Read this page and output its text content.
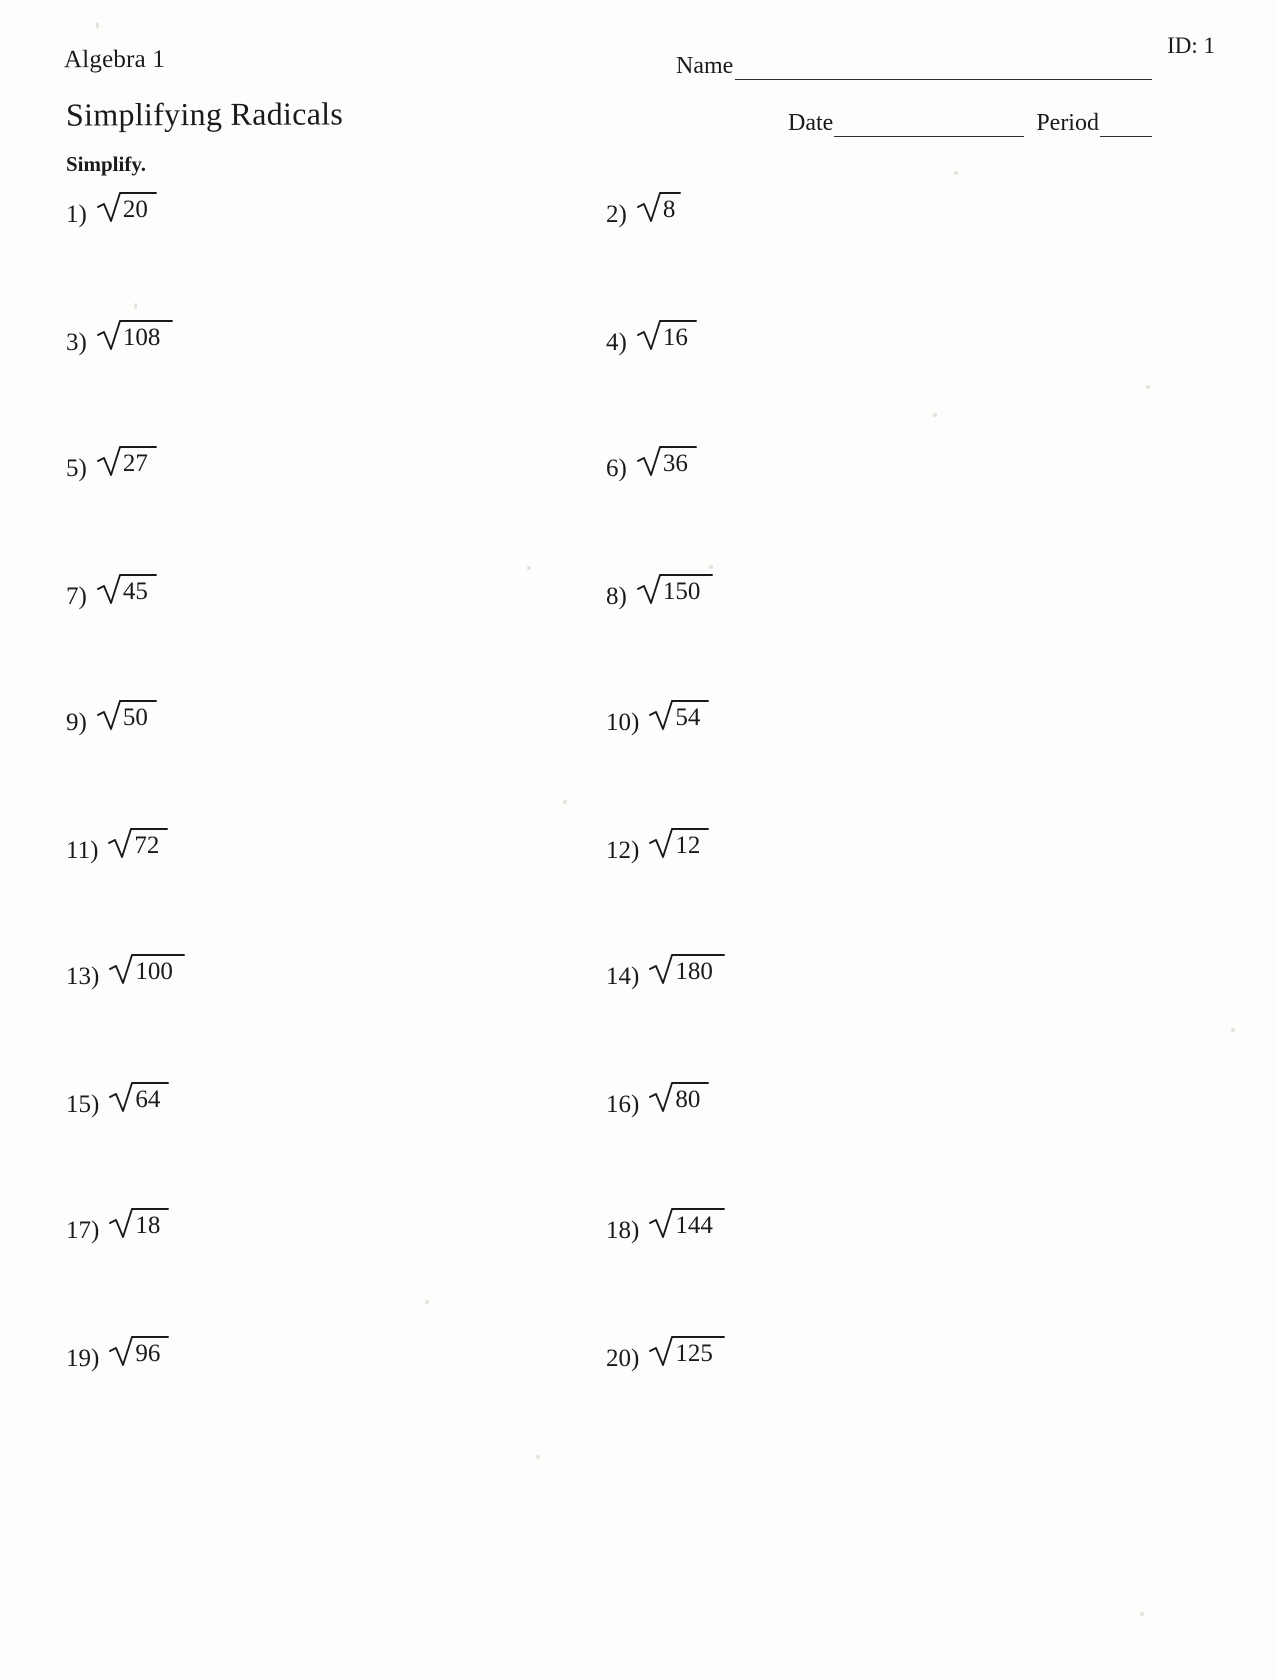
Algebra 1
Simplifying Radicals
ID: 1
Simplify.
Name
Date	Period
1) 20	2) 8
3) 108	4) 16
5) 27	6) 36
7) 45	8) 150
9) 50	10) 54
11) 72	12) 12
13) 100	14) 180
15) 64	16) 80
17) 18	18) 144
19) 96	20) 125
